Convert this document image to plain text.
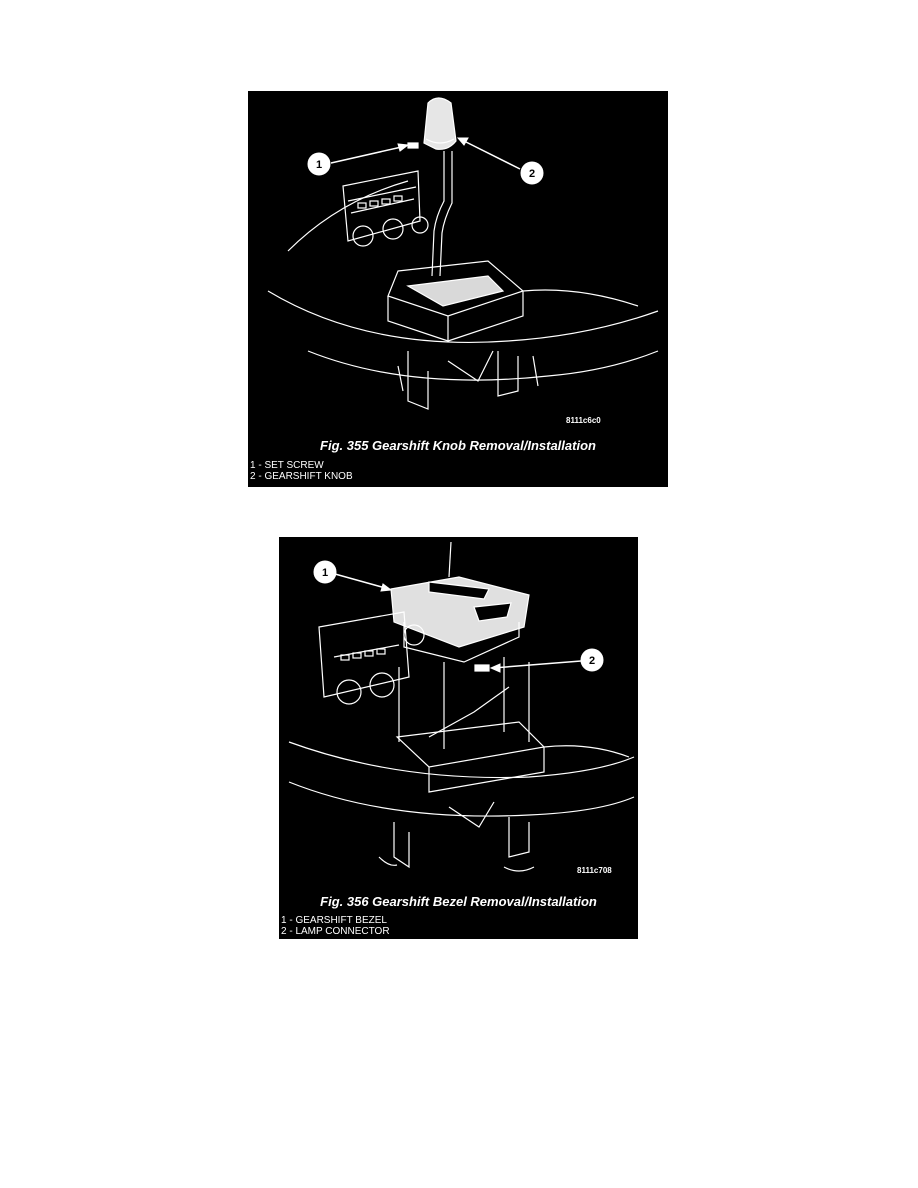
1
2
8111c6c0
Fig. 355 Gearshift Knob Removal/Installation
1 - SET SCREW
2 - GEARSHIFT KNOB
1
2
8111c708
Fig. 356 Gearshift Bezel Removal/Installation
1 - GEARSHIFT BEZEL
2 - LAMP CONNECTOR
